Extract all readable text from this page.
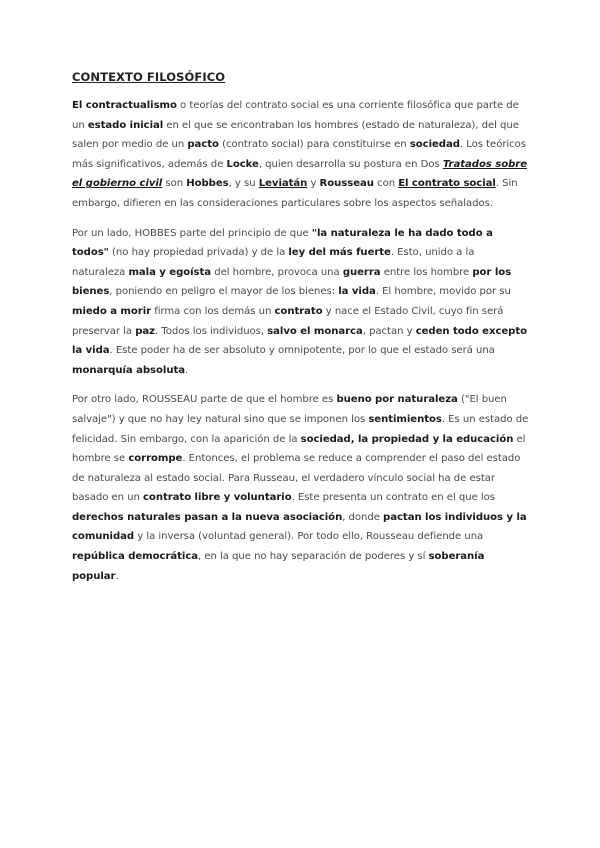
CONTEXTO FILOSÓFICO

El contractualismo o teorías del contrato social es una corriente filosófica que parte de un estado inicial en el que se encontraban los hombres (estado de naturaleza), del que salen por medio de un pacto (contrato social) para constituirse en sociedad. Los teóricos más significativos, además de Locke, quien desarrolla su postura en Dos Tratados sobre el gobierno civil son Hobbes, y su Leviatán y Rousseau con El contrato social. Sin embargo, difieren en las consideraciones particulares sobre los aspectos señalados.

Por un lado, HOBBES parte del principio de que "la naturaleza le ha dado todo a todos" (no hay propiedad privada) y de la ley del más fuerte. Esto, unido a la naturaleza mala y egoísta del hombre, provoca una guerra entre los hombre por los bienes, poniendo en peligro el mayor de los bienes: la vida. El hombre, movido por su miedo a morir firma con los demás un contrato y nace el Estado Civil, cuyo fin será preservar la paz. Todos los individuos, salvo el monarca, pactan y ceden todo excepto la vida. Este poder ha de ser absoluto y omnipotente, por lo que el estado será una monarquía absoluta.

Por otro lado, ROUSSEAU parte de que el hombre es bueno por naturaleza ("El buen salvaje") y que no hay ley natural sino que se imponen los sentimientos. Es un estado de felicidad. Sin embargo, con la aparición de la sociedad, la propiedad y la educación el hombre se corrompe. Entonces, el problema se reduce a comprender el paso del estado de naturaleza al estado social. Para Russeau, el verdadero vínculo social ha de estar basado en un contrato libre y voluntario. Este presenta un contrato en el que los derechos naturales pasan a la nueva asociación, donde pactan los individuos y la comunidad y la inversa (voluntad general). Por todo ello, Rousseau defiende una república democrática, en la que no hay separación de poderes y sí soberanía popular.
